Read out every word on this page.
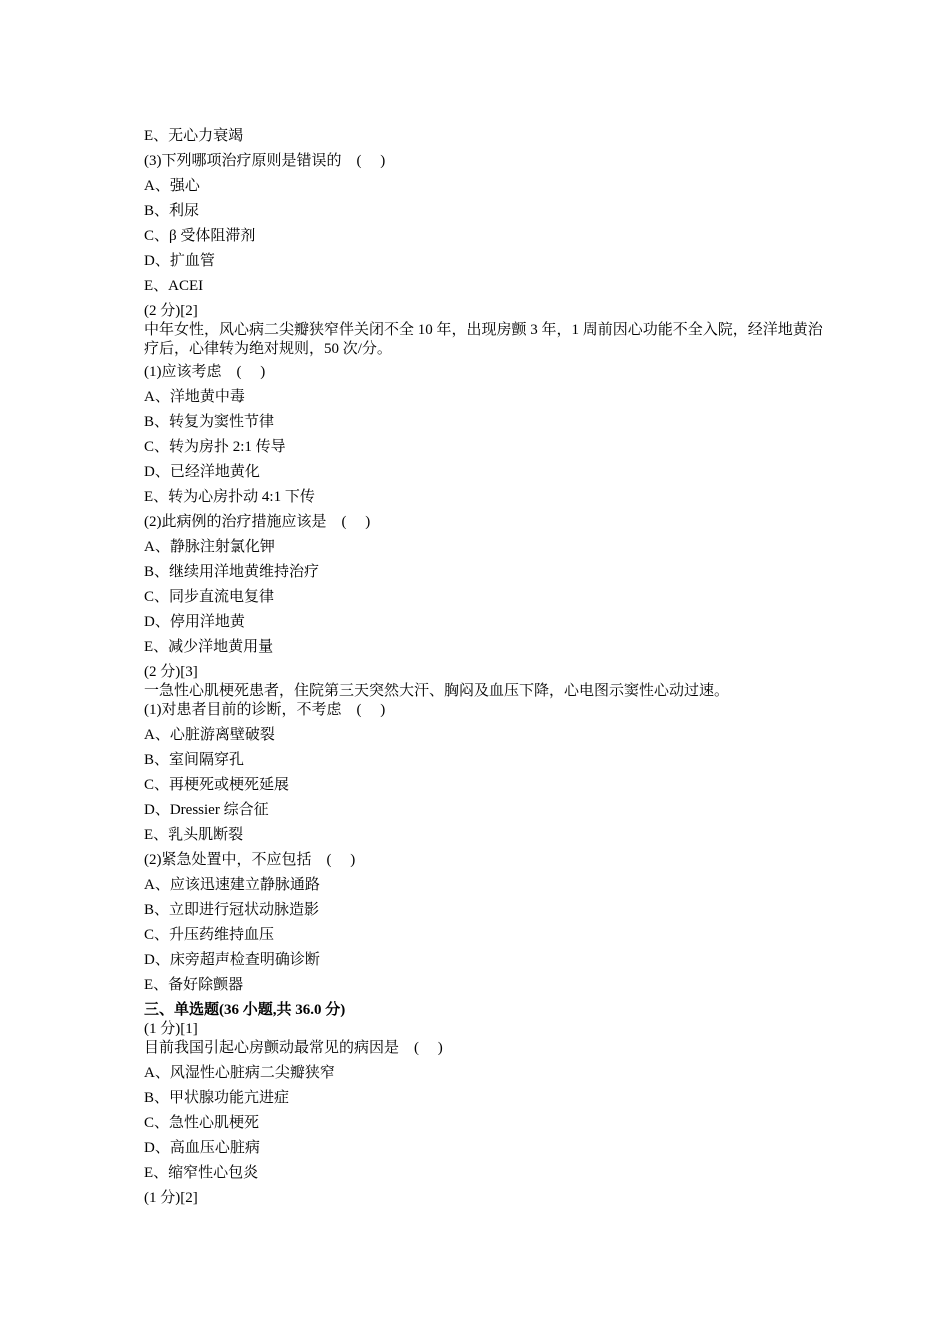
E、无心力衰竭
(3)下列哪项治疗原则是错误的　( 　)
A、强心
B、利尿
C、β 受体阻滞剂
D、扩血管
E、ACEI
(2 分)[2]
中年女性，风心病二尖瓣狭窄伴关闭不全 10 年，出现房颤 3 年，1 周前因心功能不全入院，经洋地黄治疗后，心律转为绝对规则，50 次/分。
(1)应该考虑　( 　)
A、洋地黄中毒
B、转复为窦性节律
C、转为房扑 2:1 传导
D、已经洋地黄化
E、转为心房扑动 4:1 下传
(2)此病例的治疗措施应该是　( 　)
A、静脉注射氯化钾
B、继续用洋地黄维持治疗
C、同步直流电复律
D、停用洋地黄
E、减少洋地黄用量
(2 分)[3]
一急性心肌梗死患者，住院第三天突然大汗、胸闷及血压下降，心电图示窦性心动过速。
(1)对患者目前的诊断，不考虑　( 　)
A、心脏游离壁破裂
B、室间隔穿孔
C、再梗死或梗死延展
D、Dressier 综合征
E、乳头肌断裂
(2)紧急处置中，不应包括　( 　)
A、应该迅速建立静脉通路
B、立即进行冠状动脉造影
C、升压药维持血压
D、床旁超声检查明确诊断
E、备好除颤器
三、单选题(36 小题,共 36.0 分)
(1 分)[1]
目前我国引起心房颤动最常见的病因是　( 　)
A、风湿性心脏病二尖瓣狭窄
B、甲状腺功能亢进症
C、急性心肌梗死
D、高血压心脏病
E、缩窄性心包炎
(1 分)[2]
